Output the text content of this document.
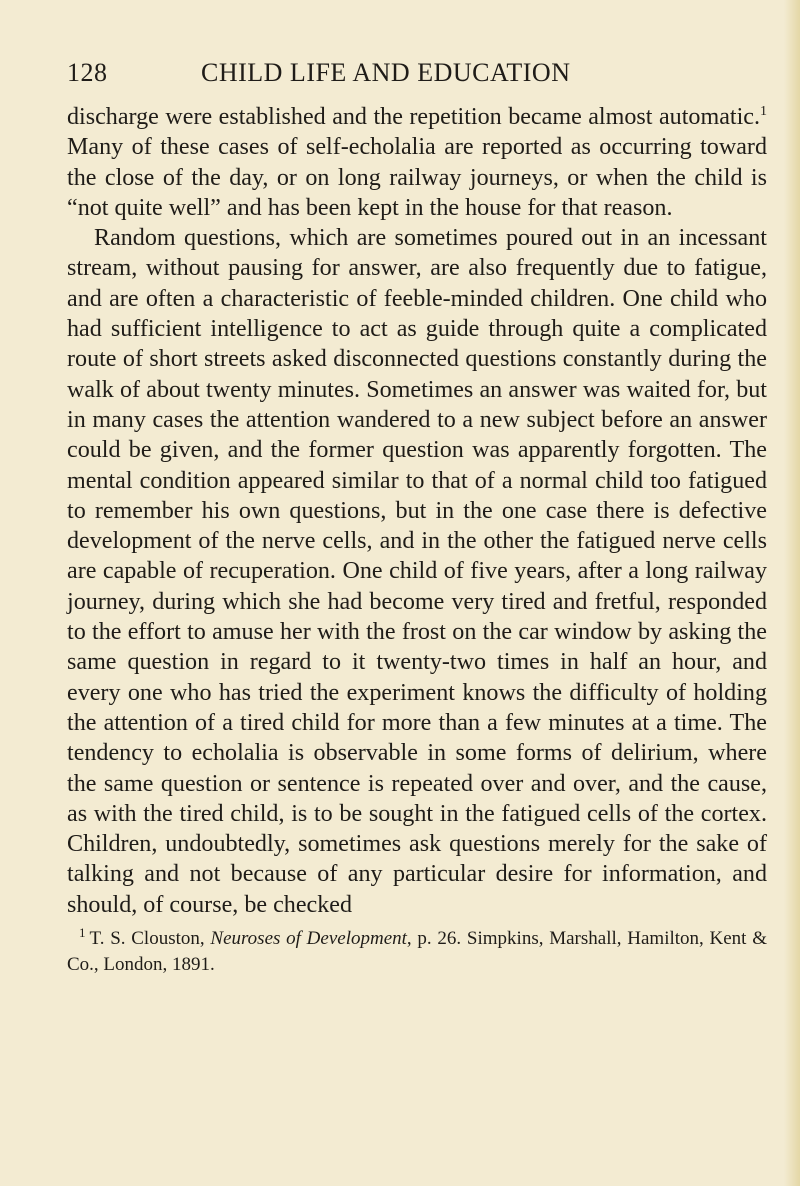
128	CHILD LIFE AND EDUCATION

discharge were established and the repetition became almost automatic.$^1$ Many of these cases of self-echolalia are reported as occurring toward the close of the day, or on long railway journeys, or when the child is “not quite well” and has been kept in the house for that reason.

Random questions, which are sometimes poured out in an incessant stream, without pausing for answer, are also frequently due to fatigue, and are often a characteristic of feeble-minded children. One child who had sufficient intelligence to act as guide through quite a complicated route of short streets asked disconnected questions constantly during the walk of about twenty minutes. Sometimes an answer was waited for, but in many cases the attention wandered to a new subject before an answer could be given, and the former question was apparently forgotten. The mental condition appeared similar to that of a normal child too fatigued to remember his own questions, but in the one case there is defective development of the nerve cells, and in the other the fatigued nerve cells are capable of recuperation. One child of five years, after a long railway journey, during which she had become very tired and fretful, responded to the effort to amuse her with the frost on the car window by asking the same question in regard to it twenty-two times in half an hour, and every one who has tried the experiment knows the difficulty of holding the attention of a tired child for more than a few minutes at a time. The tendency to echolalia is observable in some forms of delirium, where the same question or sentence is repeated over and over, and the cause, as with the tired child, is to be sought in the fatigued cells of the cortex. Children, undoubtedly, sometimes ask questions merely for the sake of talking and not because of any particular desire for information, and should, of course, be checked

$^1$ T. S. Clouston, Neuroses of Development, p. 26. Simpkins, Marshall, Hamilton, Kent & Co., London, 1891.
